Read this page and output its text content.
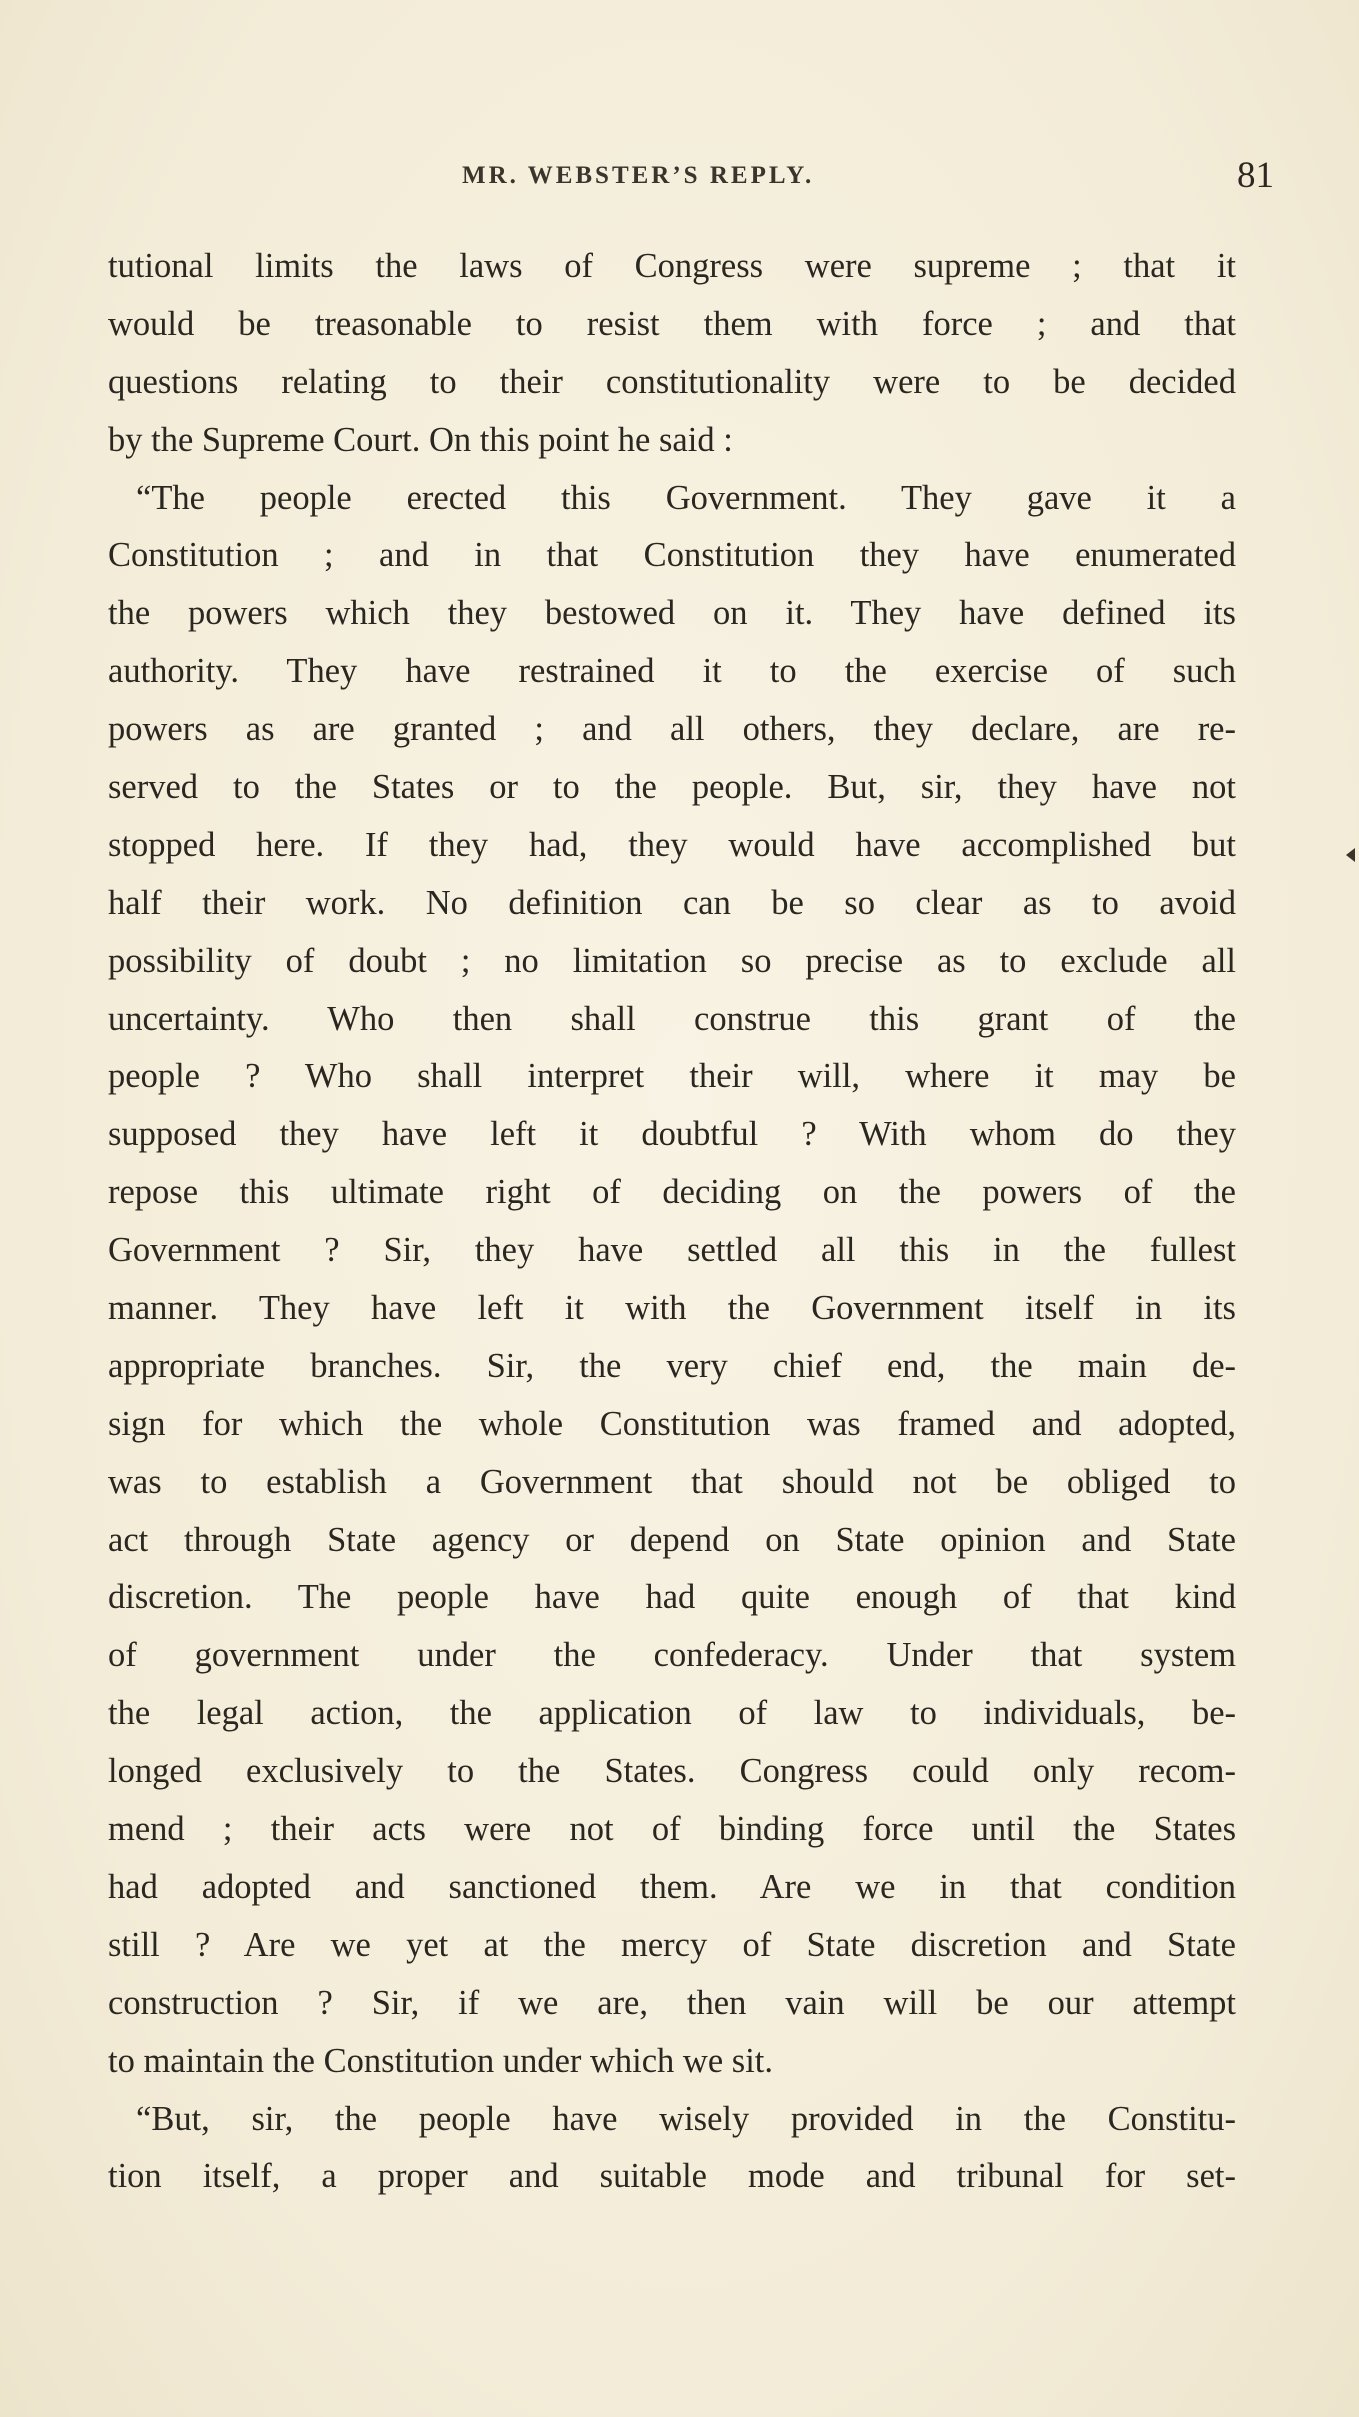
MR. WEBSTER’S REPLY.	81
tutional limits the laws of Congress were supreme ; that it
would be treasonable to resist them with force ; and that
questions relating to their constitutionality were to be decided
by the Supreme Court. On this point he said :
“The people erected this Government. They gave it a
Constitution ; and in that Constitution they have enumerated
the powers which they bestowed on it. They have defined its
authority. They have restrained it to the exercise of such
powers as are granted ; and all others, they declare, are re-
served to the States or to the people. But, sir, they have not
stopped here. If they had, they would have accomplished but
half their work. No definition can be so clear as to avoid
possibility of doubt ; no limitation so precise as to exclude all
uncertainty. Who then shall construe this grant of the
people ? Who shall interpret their will, where it may be
supposed they have left it doubtful ? With whom do they
repose this ultimate right of deciding on the powers of the
Government ? Sir, they have settled all this in the fullest
manner. They have left it with the Government itself in its
appropriate branches. Sir, the very chief end, the main de-
sign for which the whole Constitution was framed and adopted,
was to establish a Government that should not be obliged to
act through State agency or depend on State opinion and State
discretion. The people have had quite enough of that kind
of government under the confederacy. Under that system
the legal action, the application of law to individuals, be-
longed exclusively to the States. Congress could only recom-
mend ; their acts were not of binding force until the States
had adopted and sanctioned them. Are we in that condition
still ? Are we yet at the mercy of State discretion and State
construction ? Sir, if we are, then vain will be our attempt
to maintain the Constitution under which we sit.
“But, sir, the people have wisely provided in the Constitu-
tion itself, a proper and suitable mode and tribunal for set-
